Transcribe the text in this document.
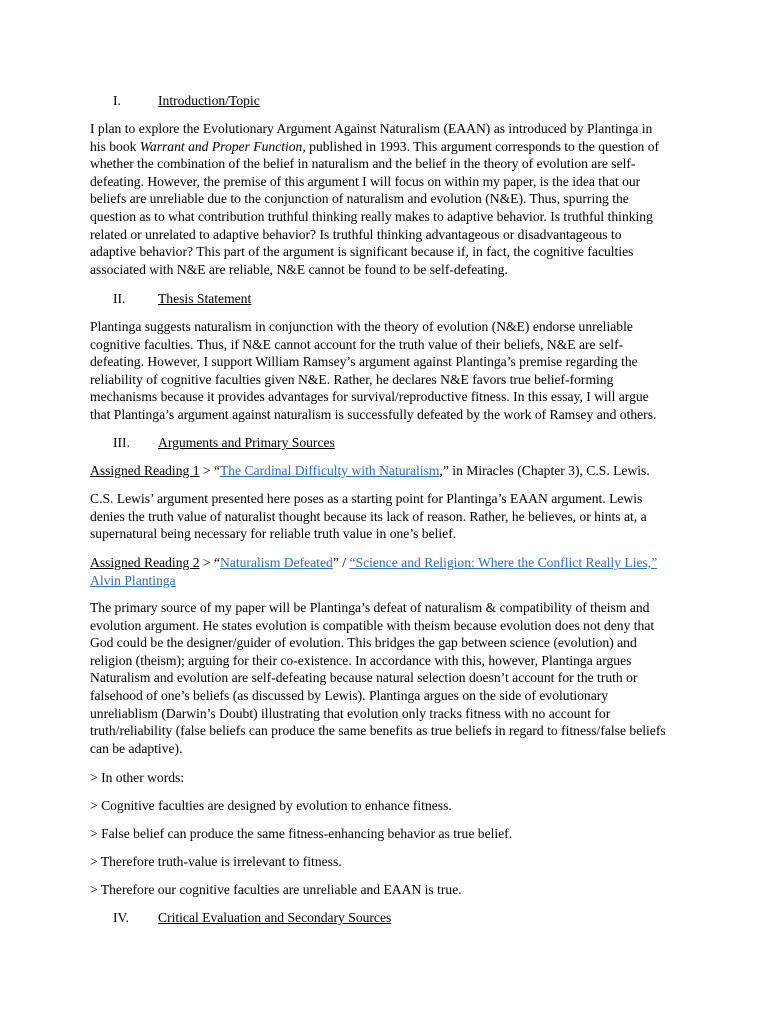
I.	Introduction/Topic

I plan to explore the Evolutionary Argument Against Naturalism (EAAN) as introduced by Plantinga in

his book Warrant and Proper Function, published in 1993. This argument corresponds to the question of

whether the combination of the belief in naturalism and the belief in the theory of evolution are self-

defeating. However, the premise of this argument I will focus on within my paper, is the idea that our

beliefs are unreliable due to the conjunction of naturalism and evolution (N&E). Thus, spurring the

question as to what contribution truthful thinking really makes to adaptive behavior. Is truthful thinking

related or unrelated to adaptive behavior? Is truthful thinking advantageous or disadvantageous to

adaptive behavior? This part of the argument is significant because if, in fact, the cognitive faculties

associated with N&E are reliable, N&E cannot be found to be self-defeating.

II. Thesis Statement

Plantinga suggests naturalism in conjunction with the theory of evolution (N&E) endorse unreliable

cognitive faculties. Thus, if N&E cannot account for the truth value of their beliefs, N&E are self-

defeating. However, I support William Ramsey’s argument against Plantinga’s premise regarding the

reliability of cognitive faculties given N&E. Rather, he declares N&E favors true belief-forming

mechanisms because it provides advantages for survival/reproductive fitness. In this essay, I will argue

that Plantinga’s argument against naturalism is successfully defeated by the work of Ramsey and others.

III. Arguments and Primary Sources

Assigned Reading 1 > “The Cardinal Difficulty with Naturalism,” in Miracles (Chapter 3), C.S. Lewis.

C.S. Lewis’ argument presented here poses as a starting point for Plantinga’s EAAN argument. Lewis

denies the truth value of naturalist thought because its lack of reason. Rather, he believes, or hints at, a

supernatural being necessary for reliable truth value in one’s belief.

Assigned Reading 2 > “Naturalism Defeated” / “Science and Religion: Where the Conflict Really Lies,”

Alvin Plantinga

The primary source of my paper will be Plantinga’s defeat of naturalism & compatibility of theism and

evolution argument. He states evolution is compatible with theism because evolution does not deny that

God could be the designer/guider of evolution. This bridges the gap between science (evolution) and

religion (theism); arguing for their co-existence. In accordance with this, however, Plantinga argues

Naturalism and evolution are self-defeating because natural selection doesn’t account for the truth or

falsehood of one’s beliefs (as discussed by Lewis). Plantinga argues on the side of evolutionary

unreliablism (Darwin’s Doubt) illustrating that evolution only tracks fitness with no account for

truth/reliability (false beliefs can produce the same benefits as true beliefs in regard to fitness/false beliefs

can be adaptive).

> In other words:

> Cognitive faculties are designed by evolution to enhance fitness.

> False belief can produce the same fitness-enhancing behavior as true belief.

> Therefore truth-value is irrelevant to fitness.

> Therefore our cognitive faculties are unreliable and EAAN is true.

IV. Critical Evaluation and Secondary Sources
